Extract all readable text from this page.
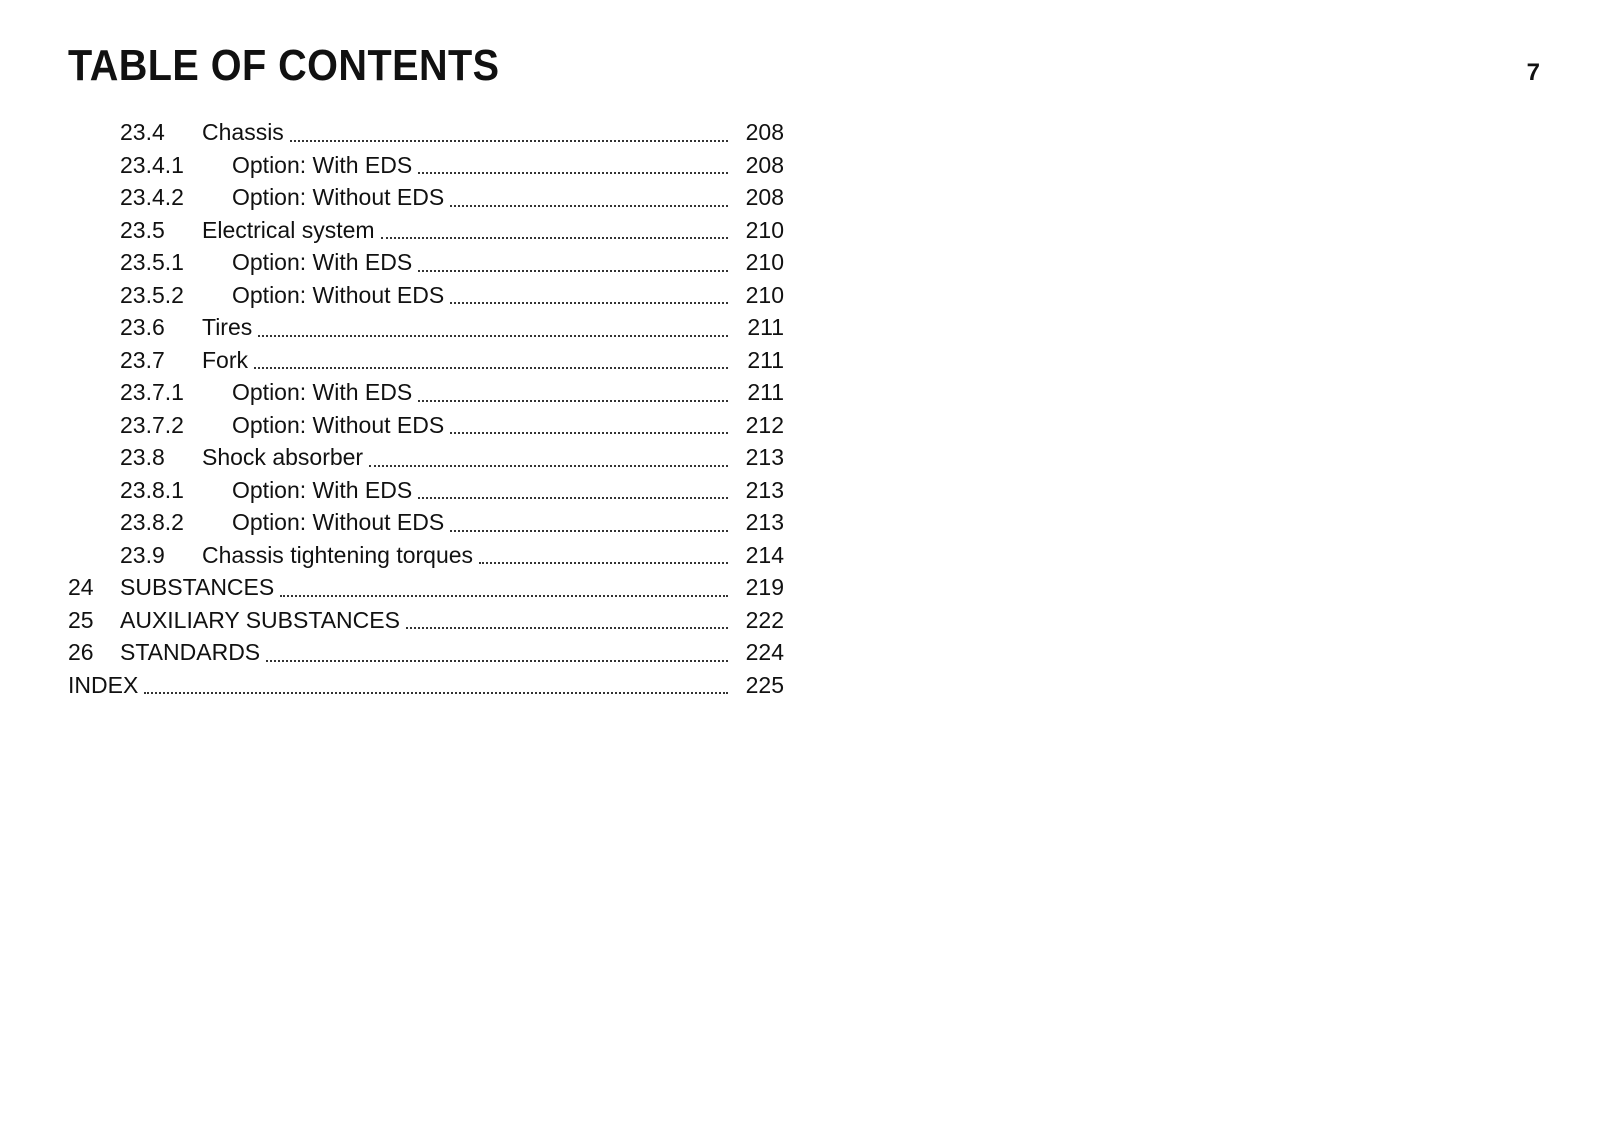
TABLE OF CONTENTS	7
23.4	Chassis	208
23.4.1	Option: With EDS	208
23.4.2	Option: Without EDS	208
23.5	Electrical system	210
23.5.1	Option: With EDS	210
23.5.2	Option: Without EDS	210
23.6	Tires	211
23.7	Fork	211
23.7.1	Option: With EDS	211
23.7.2	Option: Without EDS	212
23.8	Shock absorber	213
23.8.1	Option: With EDS	213
23.8.2	Option: Without EDS	213
23.9	Chassis tightening torques	214
24	SUBSTANCES	219
25	AUXILIARY SUBSTANCES	222
26	STANDARDS	224
INDEX	225
